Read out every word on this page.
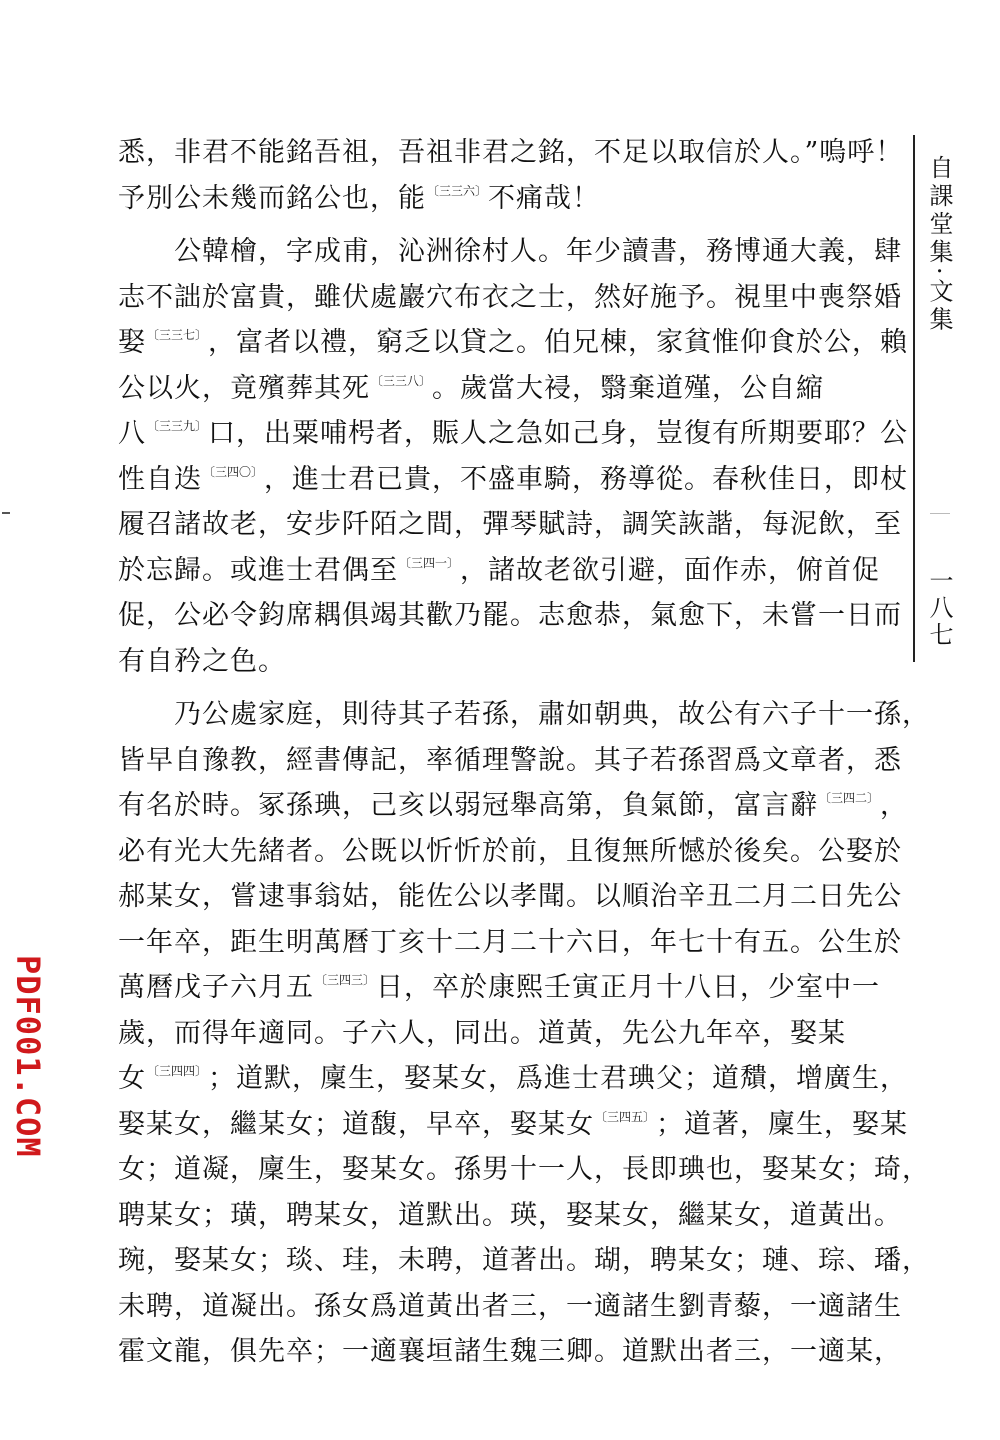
悉，非君不能銘吾祖，吾祖非君之銘，不足以取信於人。”嗚呼！
予別公未幾而銘公也，能〔三三六〕不痛哉！
　　公韓檜，字成甫，沁洲徐村人。年少讀書，務博通大義，肆
志不詘於富貴，雖伏處巖穴布衣之士，然好施予。視里中喪祭婚
娶〔三三七〕，富者以禮，窮乏以貸之。伯兄棟，家貧惟仰食於公，賴
公以火，竟殯葬其死〔三三八〕。歲當大祲，翳棄道殣，公自縮
八〔三三九〕口，出粟哺枵者，賑人之急如己身，豈復有所期要耶？公
性自迭〔三四〇〕，進士君已貴，不盛車騎，務導從。春秋佳日，即杖
履召諸故老，安步阡陌之間，彈琴賦詩，調笑詼諧，每泥飲，至
於忘歸。或進士君偶至〔三四一〕，諸故老欲引避，面作赤，俯首促
促，公必令鈞席耦俱竭其歡乃罷。志愈恭，氣愈下，未嘗一日而
有自矜之色。
　　乃公處家庭，則待其子若孫，肅如朝典，故公有六子十一孫，
皆早自豫教，經書傳記，率循理警說。其子若孫習爲文章者，悉
有名於時。冢孫琠，己亥以弱冠舉高第，負氣節，富言辭〔三四二〕，
必有光大先緒者。公既以忻忻於前，且復無所憾於後矣。公娶於
郝某女，嘗逮事翁姑，能佐公以孝聞。以順治辛丑二月二日先公
一年卒，距生明萬曆丁亥十二月二十六日，年七十有五。公生於
萬曆戊子六月五〔三四三〕日，卒於康熙壬寅正月十八日，少室中一
歲，而得年適同。子六人，同出。道黃，先公九年卒，娶某
女〔三四四〕；道默，廩生，娶某女，爲進士君琠父；道穨，增廣生，
娶某女，繼某女；道馥，早卒，娶某女〔三四五〕；道著，廩生，娶某
女；道凝，廩生，娶某女。孫男十一人，長即琠也，娶某女；琦，
聘某女；璜，聘某女，道默出。瑛，娶某女，繼某女，道黃出。
琬，娶某女；琰、珪，未聘，道著出。瑚，聘某女；璉、琮、璠，
未聘，道凝出。孫女爲道黃出者三，一適諸生劉青藜，一適諸生
霍文龍，俱先卒；一適襄垣諸生魏三卿。道默出者三，一適某，
自課堂集·文集
一八七
PDF001.COM
